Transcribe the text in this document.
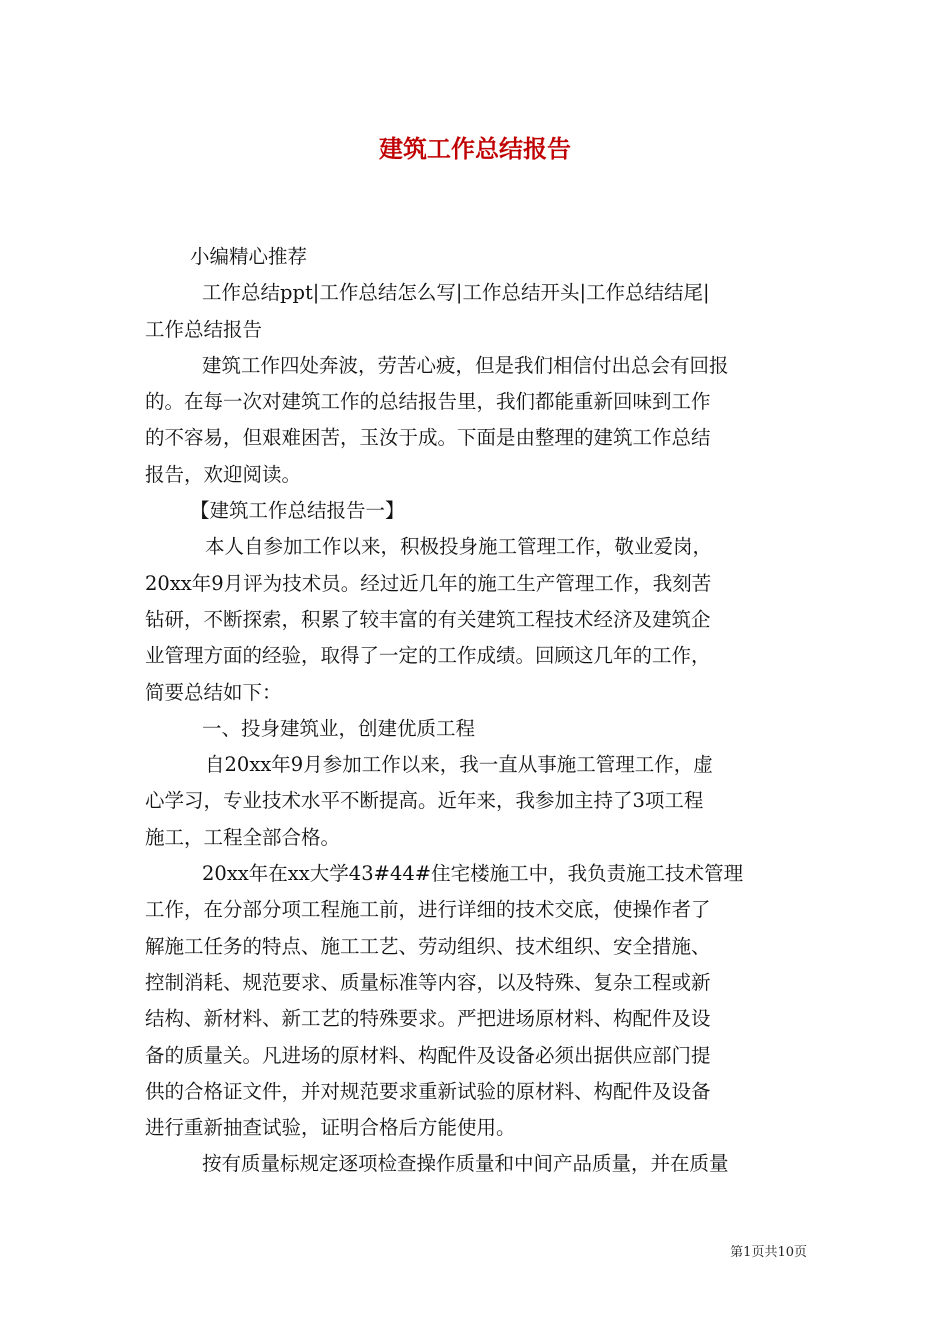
建筑工作总结报告
小编精心推荐
工作总结ppt|工作总结怎么写|工作总结开头|工作总结结尾|
工作总结报告
建筑工作四处奔波，劳苦心疲，但是我们相信付出总会有回报
的。在每一次对建筑工作的总结报告里，我们都能重新回味到工作
的不容易，但艰难困苦，玉汝于成。下面是由整理的建筑工作总结
报告，欢迎阅读。
【建筑工作总结报告一】
本人自参加工作以来，积极投身施工管理工作，敬业爱岗，
20xx年9月评为技术员。经过近几年的施工生产管理工作，我刻苦
钻研，不断探索，积累了较丰富的有关建筑工程技术经济及建筑企
业管理方面的经验，取得了一定的工作成绩。回顾这几年的工作，
简要总结如下：
一、投身建筑业，创建优质工程
自20xx年9月参加工作以来，我一直从事施工管理工作，虚
心学习，专业技术水平不断提高。近年来，我参加主持了3项工程
施工，工程全部合格。
20xx年在xx大学43#44#住宅楼施工中，我负责施工技术管理
工作，在分部分项工程施工前，进行详细的技术交底，使操作者了
解施工任务的特点、施工工艺、劳动组织、技术组织、安全措施、
控制消耗、规范要求、质量标准等内容，以及特殊、复杂工程或新
结构、新材料、新工艺的特殊要求。严把进场原材料、构配件及设
备的质量关。凡进场的原材料、构配件及设备必须出据供应部门提
供的合格证文件，并对规范要求重新试验的原材料、构配件及设备
进行重新抽查试验，证明合格后方能使用。
按有质量标规定逐项检查操作质量和中间产品质量，并在质量
第1页共10页
